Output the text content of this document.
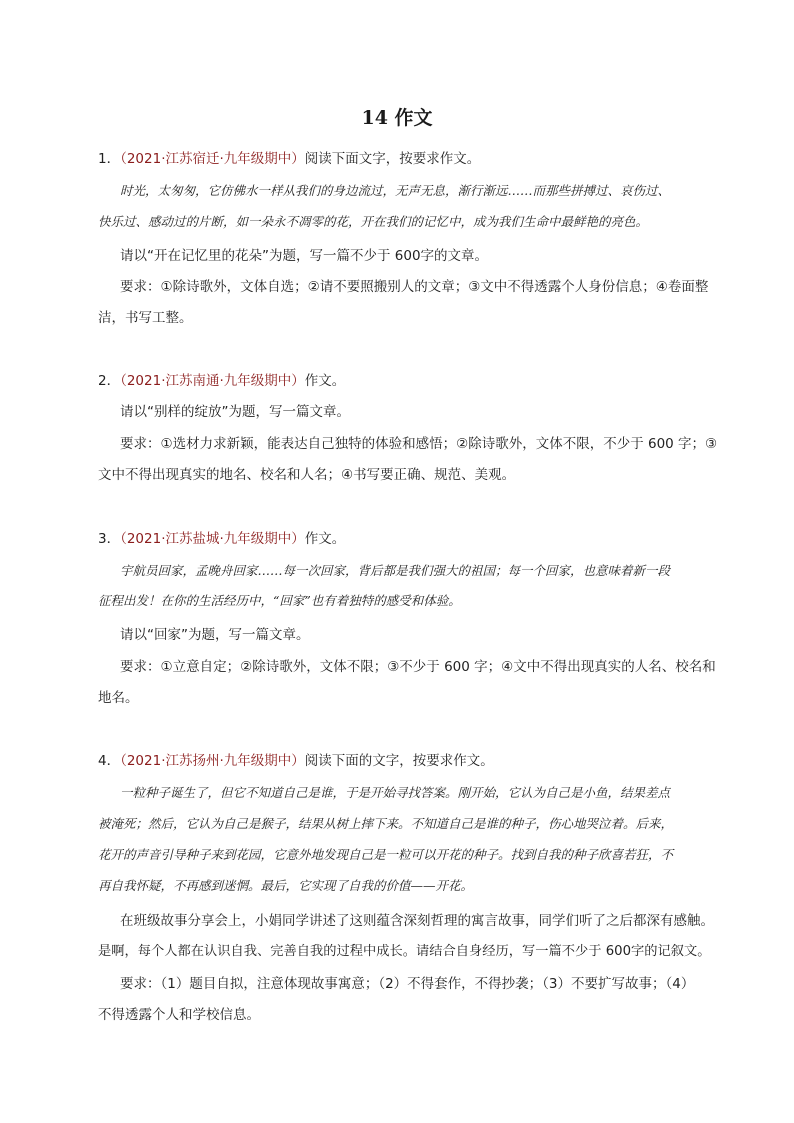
14 作文
1．（2021·江苏宿迁·九年级期中）阅读下面文字，按要求作文。
时光，太匆匆，它仿佛水一样从我们的身边流过，无声无息，渐行渐远……而那些拼搏过、哀伤过、
快乐过、感动过的片断，如一朵永不凋零的花，开在我们的记忆中，成为我们生命中最鲜艳的亮色。
请以“开在记忆里的花朵”为题，写一篇不少于 600字的文章。
要求：①除诗歌外，文体自选；②请不要照搬别人的文章；③文中不得透露个人身份信息；④卷面整
洁，书写工整。
2．（2021·江苏南通·九年级期中）作文。
请以“别样的绽放”为题，写一篇文章。
要求：①选材力求新颖，能表达自己独特的体验和感悟；②除诗歌外，文体不限，不少于 600 字；③
文中不得出现真实的地名、校名和人名；④书写要正确、规范、美观。
3．（2021·江苏盐城·九年级期中）作文。
宇航员回家，孟晚舟回家……每一次回家，背后都是我们强大的祖国；每一个回家，也意味着新一段
征程出发！在你的生活经历中，“回家”也有着独特的感受和体验。
请以“回家”为题，写一篇文章。
要求：①立意自定；②除诗歌外，文体不限；③不少于 600 字；④文中不得出现真实的人名、校名和
地名。
4．（2021·江苏扬州·九年级期中）阅读下面的文字，按要求作文。
一粒种子诞生了，但它不知道自己是谁，于是开始寻找答案。刚开始，它认为自己是小鱼，结果差点
被淹死；然后，它认为自己是猴子，结果从树上摔下来。不知道自己是谁的种子，伤心地哭泣着。后来，
花开的声音引导种子来到花园，它意外地发现自己是一粒可以开花的种子。找到自我的种子欣喜若狂，不
再自我怀疑，不再感到迷惘。最后，它实现了自我的价值——开花。
在班级故事分享会上，小娟同学讲述了这则蕴含深刻哲理的寓言故事，同学们听了之后都深有感触。
是啊，每个人都在认识自我、完善自我的过程中成长。请结合自身经历，写一篇不少于 600字的记叙文。
要求：（1）题目自拟，注意体现故事寓意；（2）不得套作，不得抄袭；（3）不要扩写故事；（4）
不得透露个人和学校信息。
